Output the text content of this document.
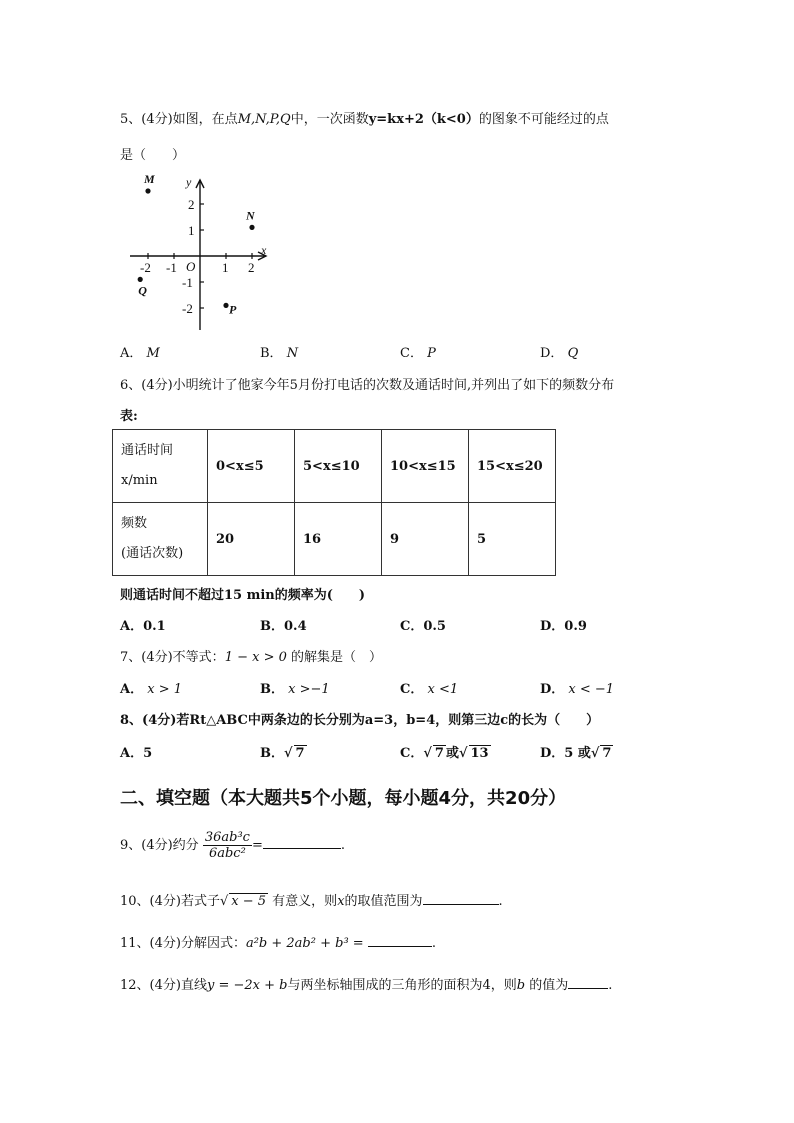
5、(4分)如图，在点M,N,P,Q中，一次函数y=kx+2（k<0）的图象不可能经过的点
是（　　）
x
y
O
-2 -1	1 2
2
1
-1
-2
M
N
Q
P
A． M	B． N	C． P	D． Q
6、(4分)小明统计了他家今年5月份打电话的次数及通话时间,并列出了如下的频数分布
表:
通话时间
x/min	0<x≤5	5<x≤10	10<x≤15	15<x≤20
频数
(通话次数)	20	16	9	5
则通话时间不超过15 min的频率为(　　)
A．0.1	B．0.4	C．0.5	D．0.9
7、(4分)不等式：1 − x > 0 的解集是（　）
A． x > 1	B． x >−1	C． x <1	D． x < −1
8、(4分)若Rt△ABC中两条边的长分别为a=3，b=4，则第三边c的长为（　　）
A．5	B．√ 7	C．√ 7 或√ 13	D．5 或√ 7
二、填空题（本大题共5个小题，每小题4分，共20分）
9、(4分)约分 $\frac{\text{36ab³c}}{\text{6abc²}}$ =	.
10、(4分)若式子√ x − 5 有意义，则x的取值范围为	.
11、(4分)分解因式：a²b + 2ab² + b³ =	.
12、(4分)直线y = −2x + b与两坐标轴围成的三角形的面积为4，则b 的值为	.
